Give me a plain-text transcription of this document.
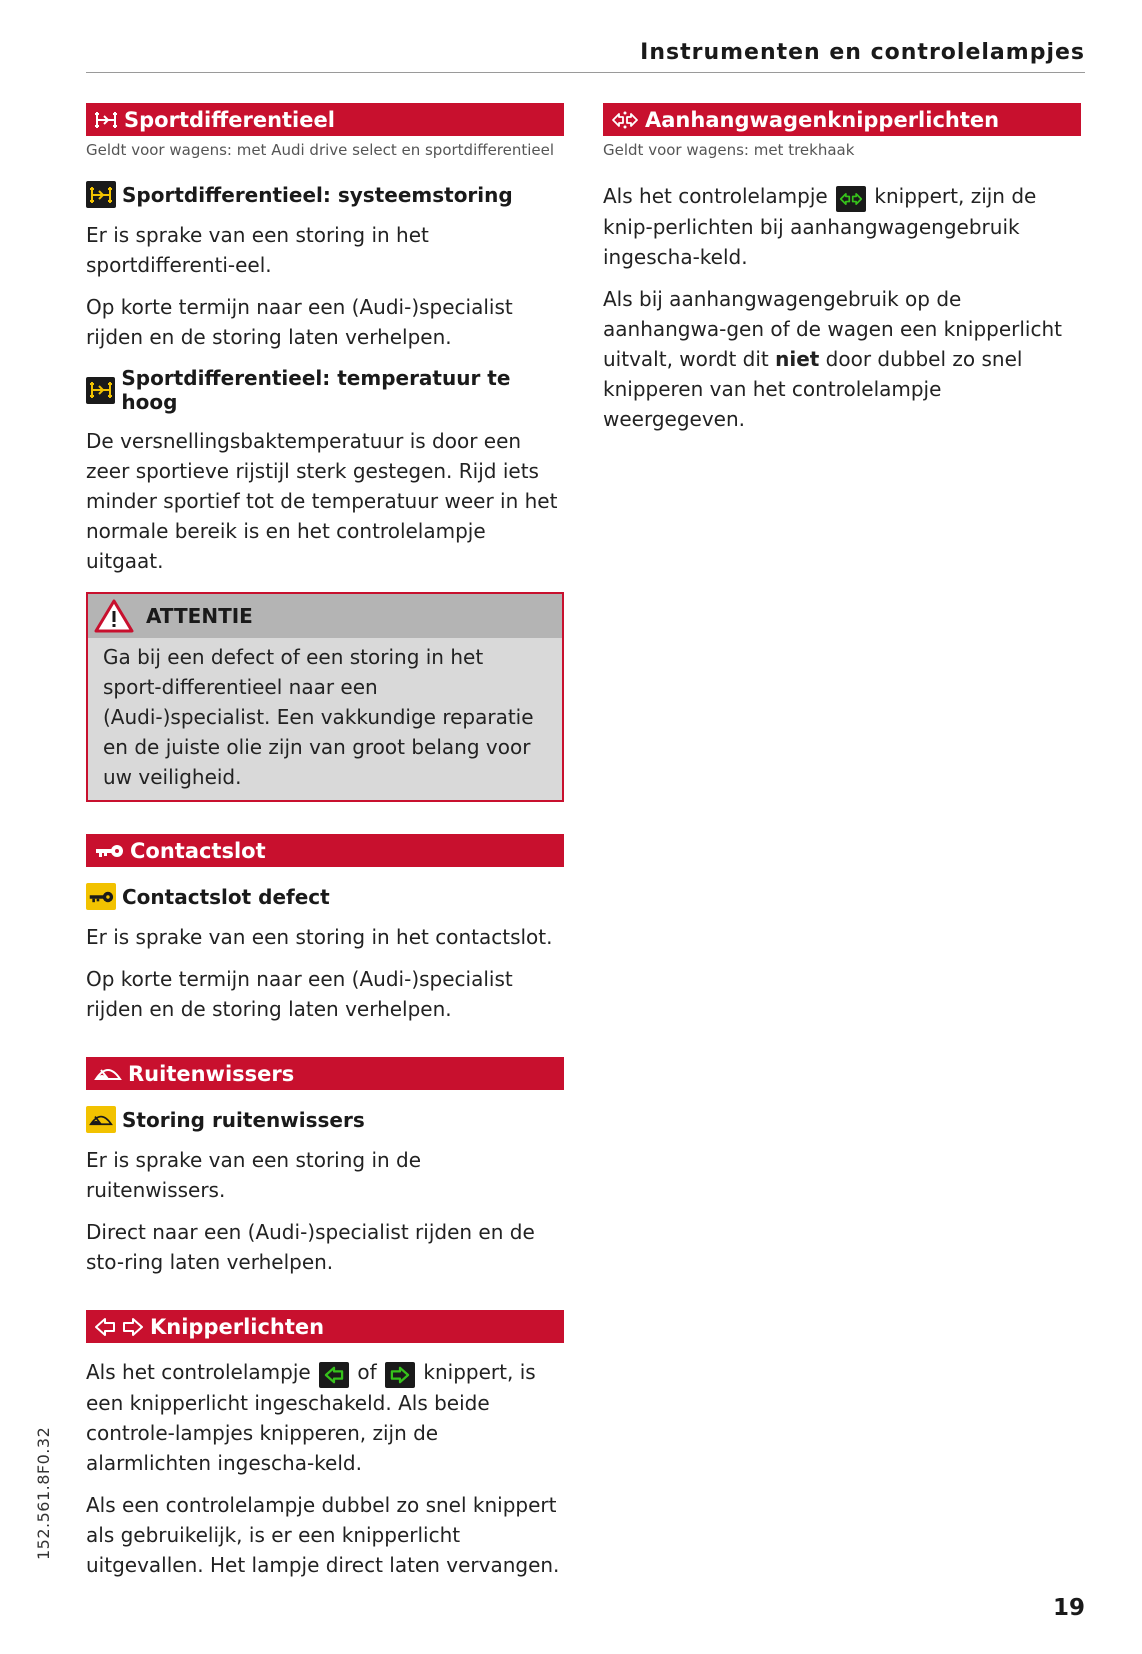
Instrumenten en controlelampjes
Sportdifferentieel
Geldt voor wagens: met Audi drive select en sportdifferentieel
Sportdifferentieel: systeemstoring

Er is sprake van een storing in het sportdifferenti-eel.

Op korte termijn naar een (Audi-)specialist rijden en de storing laten verhelpen.

Sportdifferentieel: temperatuur te hoog

De versnellingsbaktemperatuur is door een zeer sportieve rijstijl sterk gestegen. Rijd iets minder sportief tot de temperatuur weer in het normale bereik is en het controlelampje uitgaat.

ATTENTIE
Ga bij een defect of een storing in het sport-differentieel naar een (Audi-)specialist. Een vakkundige reparatie en de juiste olie zijn van groot belang voor uw veiligheid.
Contactslot
Contactslot defect

Er is sprake van een storing in het contactslot.

Op korte termijn naar een (Audi-)specialist rijden en de storing laten verhelpen.

Ruitenwissers
Storing ruitenwissers

Er is sprake van een storing in de ruitenwissers.

Direct naar een (Audi-)specialist rijden en de sto-ring laten verhelpen.

Knipperlichten

Als het controlelampje of knippert, is een knipperlicht ingeschakeld. Als beide controle-lampjes knipperen, zijn de alarmlichten ingescha-keld.

Als een controlelampje dubbel zo snel knippert als gebruikelijk, is er een knipperlicht uitgevallen. Het lampje direct laten vervangen.

Aanhangwagenknipperlichten
Geldt voor wagens: met trekhaak

Als het controlelampje knippert, zijn de knip-perlichten bij aanhangwagengebruik ingescha-keld.

Als bij aanhangwagengebruik op de aanhangwa-gen of de wagen een knipperlicht uitvalt, wordt dit niet door dubbel zo snel knipperen van het controlelampje weergegeven.

152.561.8F0.32
19
